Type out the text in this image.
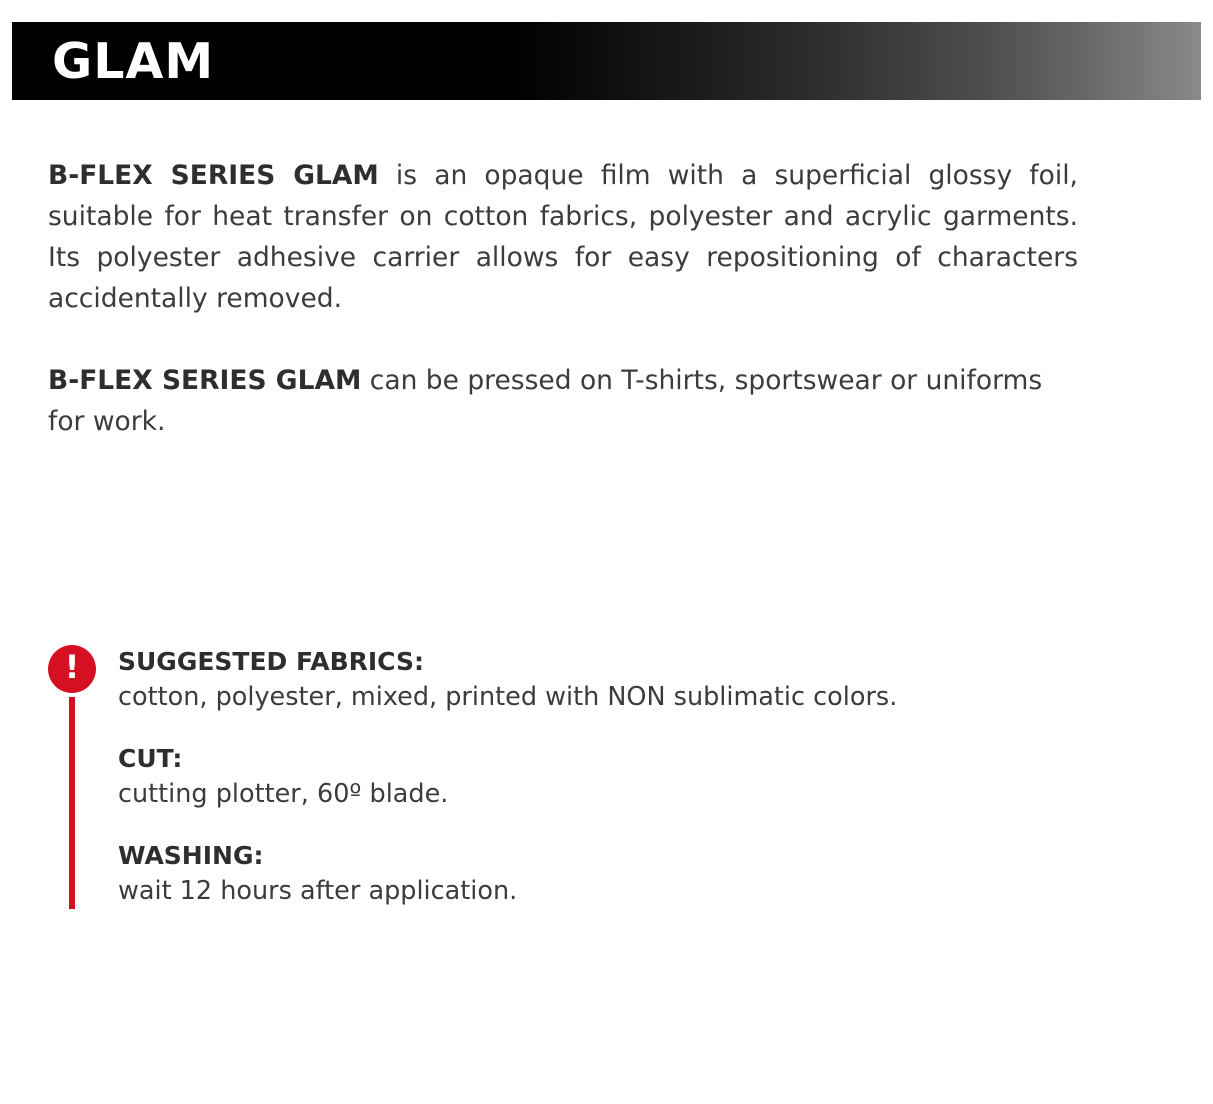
GLAM

B-FLEX SERIES GLAM is an opaque film with a superficial glossy foil, suitable for heat transfer on cotton fabrics, polyester and acrylic garments. Its polyester adhesive carrier allows for easy repositioning of characters accidentally removed.

B-FLEX SERIES GLAM can be pressed on T-shirts, sportswear or uniforms for work.

! SUGGESTED FABRICS:
cotton, polyester, mixed, printed with NON sublimatic colors.
CUT:
cutting plotter, 60º blade.
WASHING:
wait 12 hours after application.
